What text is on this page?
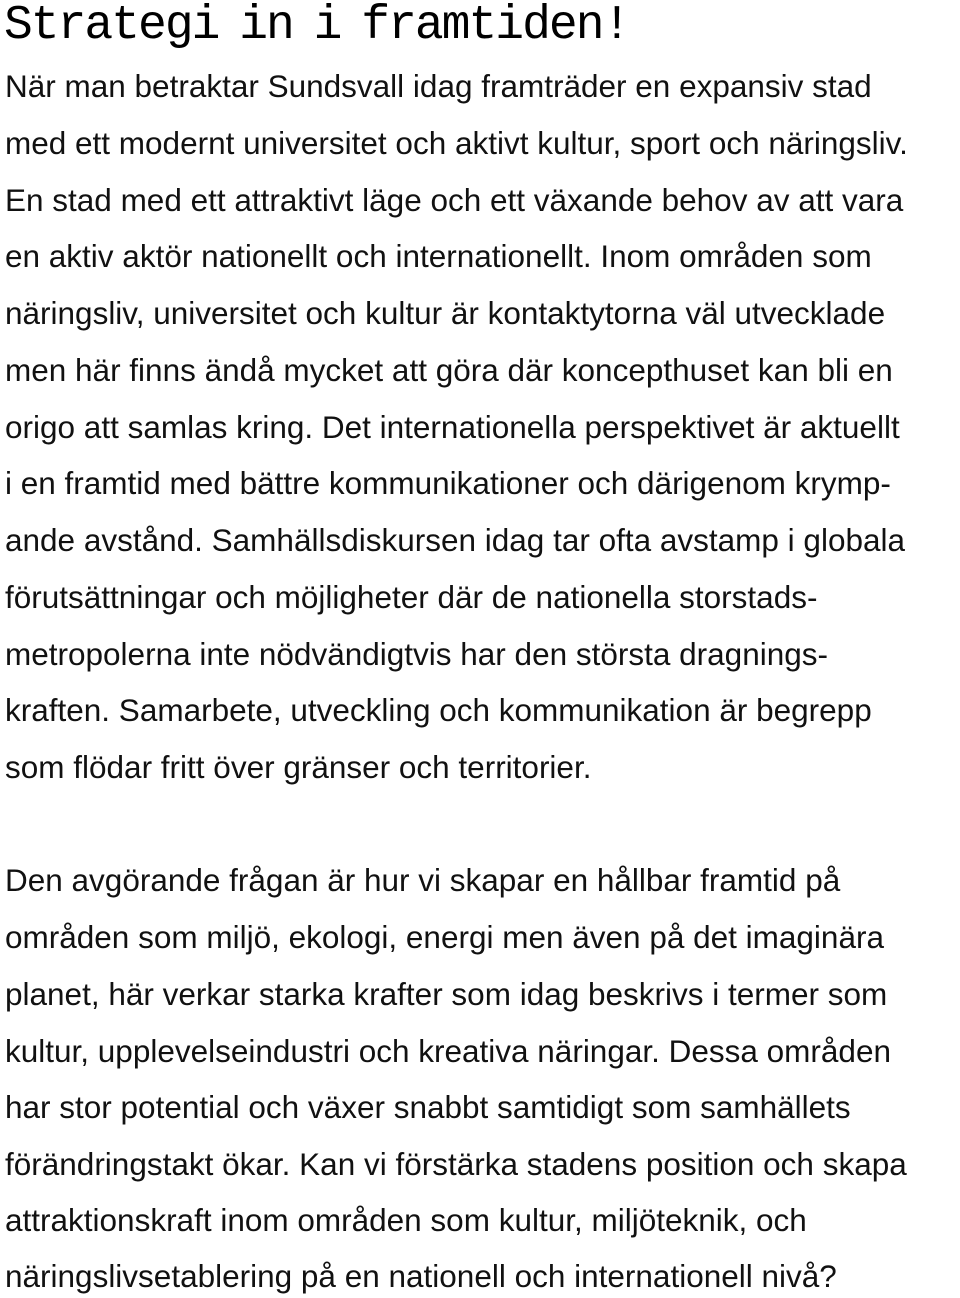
Strategi in i framtiden!

När man betraktar Sundsvall idag framträder en expansiv stad

med ett modernt universitet och aktivt kultur, sport och näringsliv.

En stad med ett attraktivt läge och ett växande behov av att vara

en aktiv aktör nationellt och internationellt. Inom områden som

näringsliv, universitet och kultur är kontaktytorna väl utvecklade

men här finns ändå mycket att göra där koncepthuset kan bli en

origo att samlas kring. Det internationella perspektivet är aktuellt

i en framtid med bättre kommunikationer och därigenom krymp-

ande avstånd. Samhällsdiskursen idag tar ofta avstamp i globala

förutsättningar och möjligheter där de nationella storstads-

metropolerna inte nödvändigtvis har den största dragnings-

kraften. Samarbete, utveckling och kommunikation är begrepp

som flödar fritt över gränser och territorier.

Den avgörande frågan är hur vi skapar en hållbar framtid på

områden som miljö, ekologi, energi men även på det imaginära

planet, här verkar starka krafter som idag beskrivs i termer som

kultur, upplevelseindustri och kreativa näringar. Dessa områden

har stor potential och växer snabbt samtidigt som samhällets

förändringstakt ökar. Kan vi förstärka stadens position och skapa

attraktionskraft inom områden som kultur, miljöteknik, och

näringslivsetablering på en nationell och internationell nivå?
